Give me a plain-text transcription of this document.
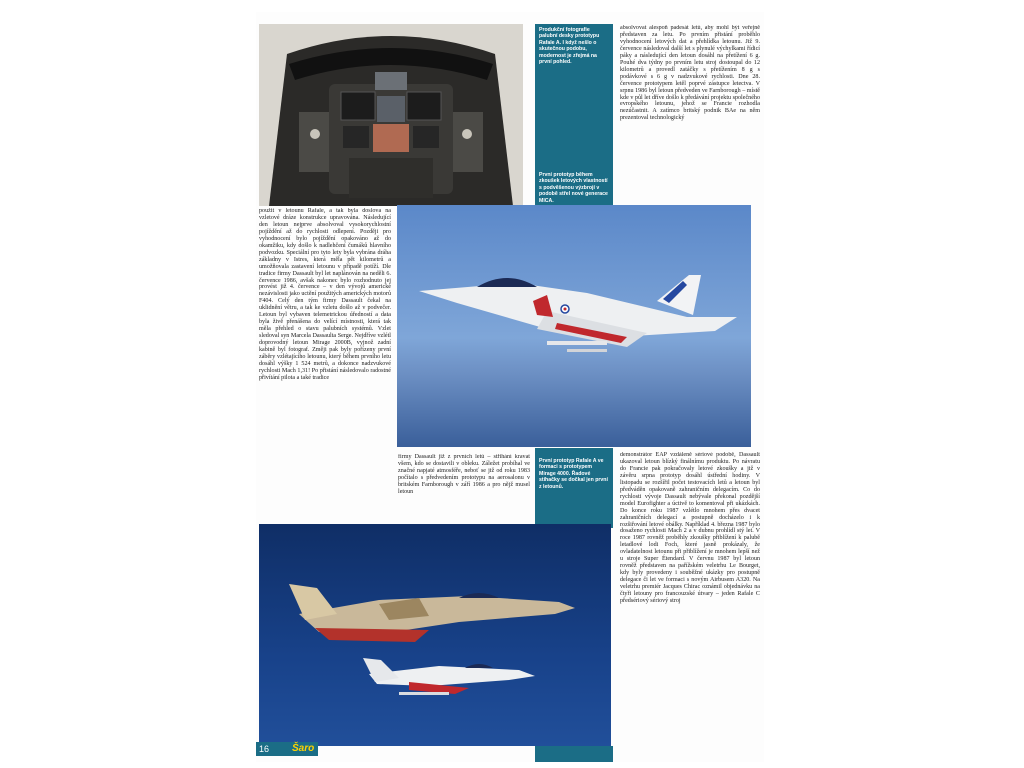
Produkční fotografie palubní desky prototypu Rafale A. I když nešlo o skutečnou podobu, modernost je zřejmá na první pohled.
První prototyp během zkoušek letových vlastností s podvěšenou výzbrojí v podobě střel nové generace MICA.
absolvovat alespoň padesát letů, aby mohl být veřejně představen za letu. Po prvním přistání proběhlo vyhodnocení letových dat a přehlídka letounu. Již 9. července následoval další let s plynulé výchylkami řídicí páky a následující den letoun dosáhl na přetížení 6 g. Pouhé dva týdny po prvním letu stroj dostoupal do 12 kilometrů a provedl zatáčky s přetížením 8 g s podávkové s 6 g v nadzvukové rychlosti. Dne 28. července prototypem letěl poprvé zástupce letectva. V srpnu 1986 byl letoun předveden ve Farnborough – místě kde v půl let dříve došlo k předávání projektu společného evropského letounu, jehož se Francie rozhodla nezúčastnit. A zatímco britský podnik BAe na něm prezentoval technologický
použit v letounu Rafale, a tak byla doslova na vzletové dráze konstrukce upravována. Následující den letoun nejprve absolvoval vysokorychlostní pojíždění až do rychlosti odlepení. Později pro vyhodnocení bylo pojíždění opakováno až do okamžiku, kdy došlo k nadlehčení čumáků hlavního podvozku. Speciální pro tyto lety byla vybrána dráha základny v Istres, která měla pět kilometrů a umožňovala zastavení letounu v případě potíží. Dle tradice firmy Dassault byl let naplánován na neděli 6. července 1986, avšak nakonec bylo rozhodnuto jej provést již 4. července – v den vývojů americké nezávislosti jako uctění použitých amerických motorů F404. Celý den tým firmy Dassault čekal na uklidnění větru, a tak ke vzletu došlo až v podvečer. Letoun byl vybaven telemetrickou úředností a data byla živě přenášena do velící místnosti, která tak měla přehled o stavu palubních systémů. Vzlet sledoval syn Marcela Dassaulta Serge. Nejdříve vzlétl doprovodný letoun Mirage 2000B, vyjnož zadní kabině byl fotograf. Změji pak byly pořízeny první záběry vzlétajícího letounu, který během prvního letu dosáhl výšky 1 524 metrů, a dokonce nadzvukové rychlosti Mach 1,31! Po přistání následovalo radostné přivítání pilota a také tradice
První prototyp Rafale A ve formaci s prototypem Mirage 4000. Řadové stíhačky se dočkal jen první z letounů.
firmy Dassault již z prvních letů – střihání kravat všem, kdo se dostavili v obleku. Záležet probíhal ve značné napjaté atmosféře, neboť se již od roku 1983 počítalo s předvedením prototypu na aerosalonu v britském Farnborough v září 1986 a pro nějž musel letoun
demonstrátor EAP vzdáleně sériové podobě, Dassault ukazoval letoun blízký finálnímu produktu. Po návratu do Francie pak pokračovaly letové zkoušky a již v závěru srpna prototyp dosáhl ústřední hodiny. V listopadu se rozšířil počet testovacích letů a letoun byl předváděn opakovaně zahraničním delegacím. Co do rychlosti vývoje Dassault nebývale překonal pozdější model Eurofighter a úctivě to komentoval při ukázkách. Do konce roku 1987 vzlétlo mnohem přes dvacet zahraničních delegací a postupně docházelo i k rozšiřování letové obálky. Například 4. března 1987 bylo dosaženo rychlosti Mach 2 a v dubnu prohlídl stý let. V roce 1987 rovněž proběhly zkoušky přiblížení k palubě letadlové lodi Foch, které jasně prokázaly, že ovladatelnost letounu při přiblížení je mnohem lepší než u stroje Super Étendard. V červnu 1987 byl letoun rovněž představen na pařížském veletrhu Le Bourget, kdy byly provedeny i souběžné ukázky pro postupně delegace či let ve formaci s novým Airbusem A320. Na veletrhu premiér Jacques Chirac oznámil objednávku na čtyři letouny pro francouzské útvary – jeden Rafale C předsériový sériový stroj
16 Šaro
